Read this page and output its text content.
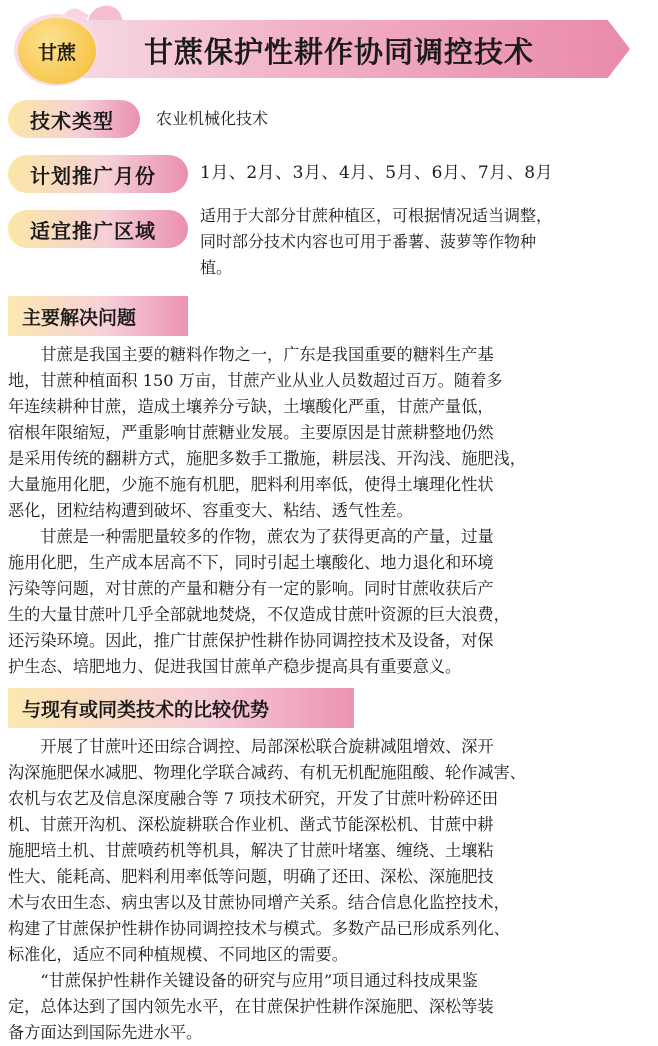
甘蔗 甘蔗保护性耕作协同调控技术
技术类型	农业机械化技术
计划推广月份	1月、2月、3月、4月、5月、6月、7月、8月
适宜推广区域
适用于大部分甘蔗种植区，可根据情况适当调整，
同时部分技术内容也可用于番薯、菠萝等作物种
植。
主要解决问题
甘蔗是我国主要的糖料作物之一，广东是我国重要的糖料生产基
地，甘蔗种植面积 150 万亩，甘蔗产业从业人员数超过百万。随着多
年连续耕种甘蔗，造成土壤养分亏缺，土壤酸化严重，甘蔗产量低，
宿根年限缩短，严重影响甘蔗糖业发展。主要原因是甘蔗耕整地仍然
是采用传统的翻耕方式，施肥多数手工撒施，耕层浅、开沟浅、施肥浅，
大量施用化肥，少施不施有机肥，肥料利用率低，使得土壤理化性状
恶化，团粒结构遭到破坏、容重变大、粘结、透气性差。
甘蔗是一种需肥量较多的作物，蔗农为了获得更高的产量，过量
施用化肥，生产成本居高不下，同时引起土壤酸化、地力退化和环境
污染等问题，对甘蔗的产量和糖分有一定的影响。同时甘蔗收获后产
生的大量甘蔗叶几乎全部就地焚烧，不仅造成甘蔗叶资源的巨大浪费，
还污染环境。因此，推广甘蔗保护性耕作协同调控技术及设备，对保
护生态、培肥地力、促进我国甘蔗单产稳步提高具有重要意义。
与现有或同类技术的比较优势
开展了甘蔗叶还田综合调控、局部深松联合旋耕减阻增效、深开
沟深施肥保水减肥、物理化学联合减药、有机无机配施阻酸、轮作减害、
农机与农艺及信息深度融合等 7 项技术研究，开发了甘蔗叶粉碎还田
机、甘蔗开沟机、深松旋耕联合作业机、凿式节能深松机、甘蔗中耕
施肥培土机、甘蔗喷药机等机具，解决了甘蔗叶堵塞、缠绕、土壤粘
性大、能耗高、肥料利用率低等问题，明确了还田、深松、深施肥技
术与农田生态、病虫害以及甘蔗协同增产关系。结合信息化监控技术，
构建了甘蔗保护性耕作协同调控技术与模式。多数产品已形成系列化、
标准化，适应不同种植规模、不同地区的需要。
“甘蔗保护性耕作关键设备的研究与应用”项目通过科技成果鉴
定，总体达到了国内领先水平，在甘蔗保护性耕作深施肥、深松等装
备方面达到国际先进水平。
